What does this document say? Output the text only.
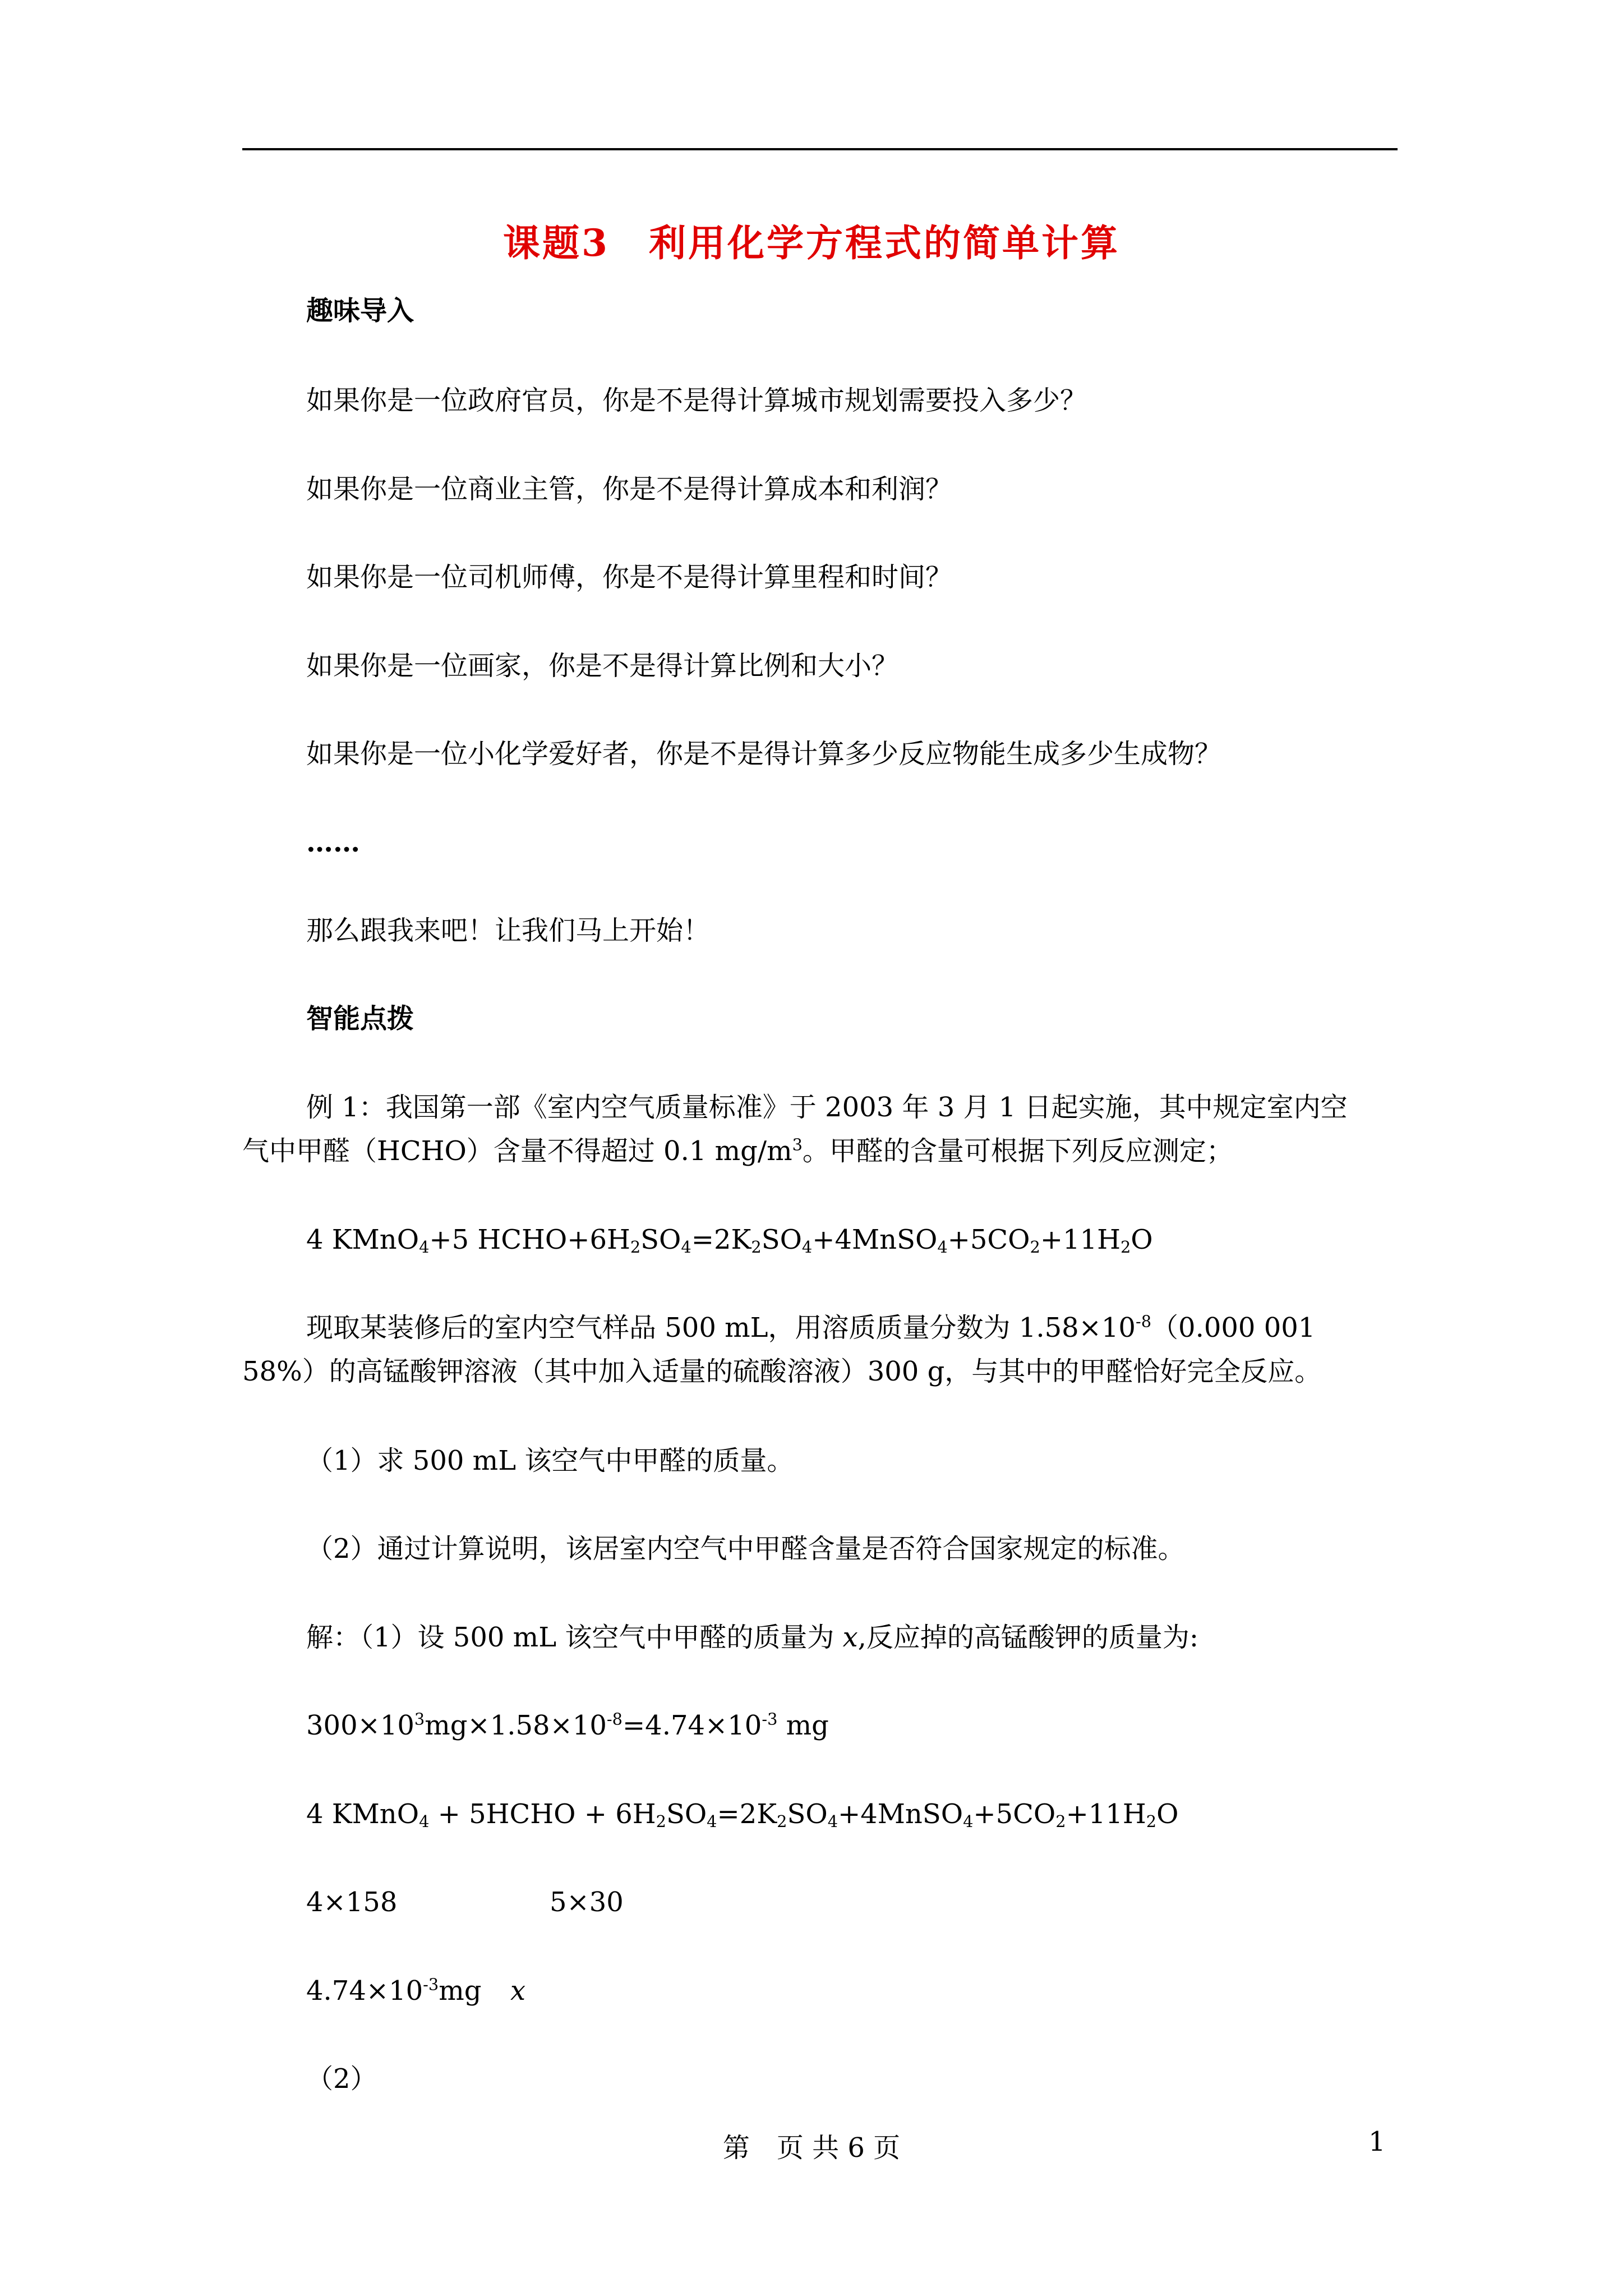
课题3　利用化学方程式的简单计算
趣味导入
如果你是一位政府官员，你是不是得计算城市规划需要投入多少？
如果你是一位商业主管，你是不是得计算成本和利润？
如果你是一位司机师傅，你是不是得计算里程和时间？
如果你是一位画家，你是不是得计算比例和大小？
如果你是一位小化学爱好者，你是不是得计算多少反应物能生成多少生成物？
……
那么跟我来吧！让我们马上开始！
智能点拨
例 1：我国第一部《室内空气质量标准》于 2003 年 3 月 1 日起实施，其中规定室内空
气中甲醛（HCHO）含量不得超过 0.1 $mg/m^3$。甲醛的含量可根据下列反应测定；
4 KMnO$_4$+5 $HCHO+6H_2SO_4=2K_2SO_4+4MnSO_4+5CO_2+11H_2O$
现取某装修后的室内空气样品 500 mL，用溶质质量分数为 $1.58\times 10^{-8}(0.000$ 001
58%）的高锰酸钾溶液（其中加入适量的硫酸溶液）300 g，与其中的甲醛恰好完全反应。
（1）求 500 mL 该空气中甲醛的质量。
（2）通过计算说明，该居室内空气中甲醛含量是否符合国家规定的标准。
解：（1）设 500 mL 该空气中甲醛的质量为 x,反应掉的高锰酸钾的质量为:
$300\times 10^3mg\times 1.58\times 10^{-8}=4.74\times 10^{-3}$ mg
4 KMnO$_4$ + 5HCHO + $6H_2SO_4=2K_2SO_4+4MnSO_4+5CO_2+11H_2O$
4×158	5×30
$4.74\times 10^{-3}mg$ x
（2）
第　页 共 6 页	1
